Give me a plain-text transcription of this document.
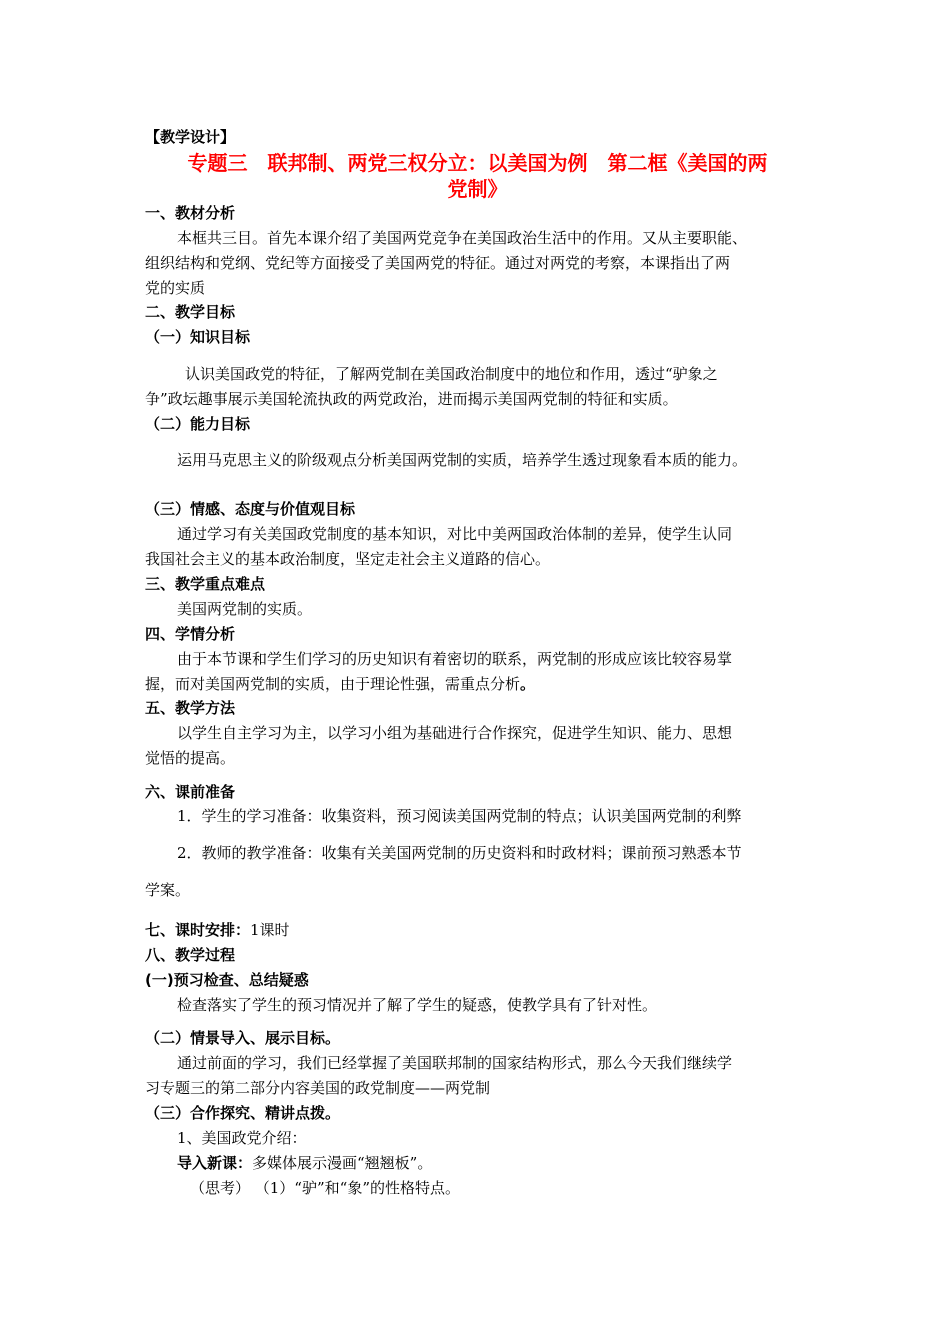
【教学设计】
专题三　联邦制、两党三权分立：以美国为例　第二框《美国的两
党制》
一、教材分析
本框共三目。首先本课介绍了美国两党竞争在美国政治生活中的作用。又从主要职能、
组织结构和党纲、党纪等方面接受了美国两党的特征。通过对两党的考察，本课指出了两
党的实质
二、教学目标
（一）知识目标
认识美国政党的特征，了解两党制在美国政治制度中的地位和作用，透过“驴象之
争”政坛趣事展示美国轮流执政的两党政治，进而揭示美国两党制的特征和实质。
（二）能力目标
运用马克思主义的阶级观点分析美国两党制的实质，培养学生透过现象看本质的能力。
（三）情感、态度与价值观目标
通过学习有关美国政党制度的基本知识，对比中美两国政治体制的差异，使学生认同
我国社会主义的基本政治制度，坚定走社会主义道路的信心。
三、教学重点难点
美国两党制的实质。
四、学情分析
由于本节课和学生们学习的历史知识有着密切的联系，两党制的形成应该比较容易掌
握，而对美国两党制的实质，由于理论性强，需重点分析。
五、教学方法
以学生自主学习为主，以学习小组为基础进行合作探究，促进学生知识、能力、思想
觉悟的提高。
六、课前准备
1．学生的学习准备：收集资料，预习阅读美国两党制的特点；认识美国两党制的利弊
2．教师的教学准备：收集有关美国两党制的历史资料和时政材料；课前预习熟悉本节
学案。
七、课时安排：1课时
八、教学过程
(一)预习检查、总结疑惑
检查落实了学生的预习情况并了解了学生的疑惑，使教学具有了针对性。
（二）情景导入、展示目标。
通过前面的学习，我们已经掌握了美国联邦制的国家结构形式，那么今天我们继续学
习专题三的第二部分内容美国的政党制度——两党制
（三）合作探究、精讲点拨。
1、美国政党介绍：
导入新课：多媒体展示漫画“翘翘板”。
（思考） （1）“驴”和“象”的性格特点。
